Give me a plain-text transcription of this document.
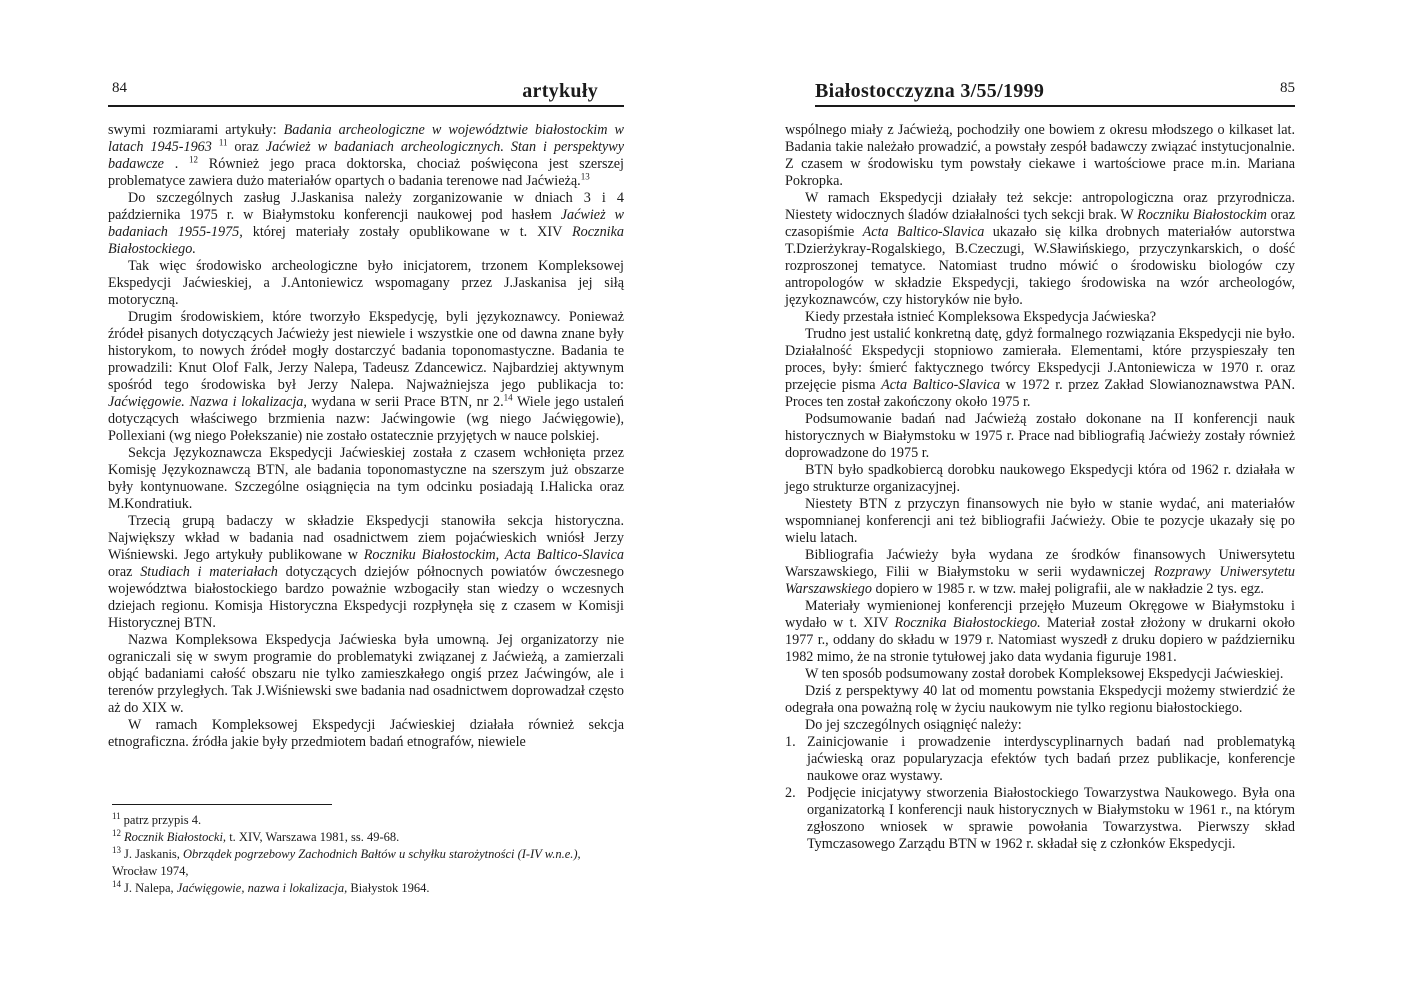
84	artykuły

swymi rozmiarami artykuły: Badania archeologiczne w województwie białostockim w latach 1945-1963 $^{11}$ oraz Jaćwież w badaniach archeologicznych. Stan i perspektywy badawcze . $^{12}$ Również jego praca doktorska, chociaż poświęcona jest szerszej problematyce zawiera dużo materiałów opartych o badania terenowe nad Jaćwieżą.$^{13}$

Do szczególnych zasług J.Jaskanisa należy zorganizowanie w dniach 3 i 4 października 1975 r. w Białymstoku konferencji naukowej pod hasłem Jaćwież w badaniach 1955-1975, której materiały zostały opublikowane w t. XIV Rocznika Białostockiego.

Tak więc środowisko archeologiczne było inicjatorem, trzonem Kompleksowej Ekspedycji Jaćwieskiej, a J.Antoniewicz wspomagany przez J.Jaskanisa jej siłą motoryczną.

Drugim środowiskiem, które tworzyło Ekspedycję, byli językoznawcy. Ponieważ źródeł pisanych dotyczących Jaćwieży jest niewiele i wszystkie one od dawna znane były historykom, to nowych źródeł mogły dostarczyć badania toponomastyczne. Badania te prowadzili: Knut Olof Falk, Jerzy Nalepa, Tadeusz Zdancewicz. Najbardziej aktywnym spośród tego środowiska był Jerzy Nalepa. Najważniejsza jego publikacja to: Jaćwięgowie. Nazwa i lokalizacja, wydana w serii Prace BTN, nr 2.14 Wiele jego ustaleń dotyczących właściwego brzmienia nazw: Jaćwingowie (wg niego Jaćwięgowie), Pollexiani (wg niego Połekszanie) nie zostało ostatecznie przyjętych w nauce polskiej.

Sekcja Językoznawcza Ekspedycji Jaćwieskiej została z czasem wchłonięta przez Komisję Językoznawczą BTN, ale badania toponomastyczne na szerszym już obszarze były kontynuowane. Szczególne osiągnięcia na tym odcinku posiadają I.Halicka oraz M.Kondratiuk.

Trzecią grupą badaczy w składzie Ekspedycji stanowiła sekcja historyczna. Największy wkład w badania nad osadnictwem ziem pojaćwieskich wniósł Jerzy Wiśniewski. Jego artykuły publikowane w Roczniku Białostockim, Acta Baltico-Slavica oraz Studiach i materiałach dotyczących dziejów północnych powiatów ówczesnego województwa białostockiego bardzo poważnie wzbogaciły stan wiedzy o wczesnych dziejach regionu. Komisja Historyczna Ekspedycji rozpłynęła się z czasem w Komisji Historycznej BTN.

Nazwa Kompleksowa Ekspedycja Jaćwieska była umowną. Jej organizatorzy nie ograniczali się w swym programie do problematyki związanej z Jaćwieżą, a zamierzali objąć badaniami całość obszaru nie tylko zamieszkałego ongiś przez Jaćwingów, ale i terenów przyległych. Tak J.Wiśniewski swe badania nad osadnictwem doprowadzał często aż do XIX w.

W ramach Kompleksowej Ekspedycji Jaćwieskiej działała również sekcja etnograficzna. źródła jakie były przedmiotem badań etnografów, niewiele

$^{11}$ patrz przypis 4.
$^{12}$ Rocznik Białostocki, t. XIV, Warszawa 1981, ss. 49-68.
$^{13}$ J. Jaskanis, Obrządek pogrzebowy Zachodnich Bałtów u schyłku starożytności (I-IV w.n.e.), Wrocław 1974,
$^{14}$ J. Nalepa, Jaćwięgowie, nazwa i lokalizacja, Białystok 1964.
85
Białostocczyzna 3/55/1999

wspólnego miały z Jaćwieżą, pochodziły one bowiem z okresu młodszego o kilkaset lat. Badania takie należało prowadzić, a powstały zespół badawczy związać instytucjonalnie. Z czasem w środowisku tym powstały ciekawe i wartościowe prace m.in. Mariana Pokropka.

W ramach Ekspedycji działały też sekcje: antropologiczna oraz przyrodnicza. Niestety widocznych śladów działalności tych sekcji brak. W Roczniku Białostockim oraz czasopiśmie Acta Baltico-Slavica ukazało się kilka drobnych materiałów autorstwa T.Dzierżykray-Rogalskiego, B.Czeczugi, W.Sławińskiego, przyczynkarskich, o dość rozproszonej tematyce. Natomiast trudno mówić o środowisku biologów czy antropologów w składzie Ekspedycji, takiego środowiska na wzór archeologów, językoznawców, czy historyków nie było.

Kiedy przestała istnieć Kompleksowa Ekspedycja Jaćwieska?

Trudno jest ustalić konkretną datę, gdyż formalnego rozwiązania Ekspedycji nie było. Działalność Ekspedycji stopniowo zamierała. Elementami, które przyspieszały ten proces, były: śmierć faktycznego twórcy Ekspedycji J.Antoniewicza w 1970 r. oraz przejęcie pisma Acta Baltico-Slavica w 1972 r. przez Zakład Slowianoznawstwa PAN. Proces ten został zakończony około 1975 r.

Podsumowanie badań nad Jaćwieżą zostało dokonane na II konferencji nauk historycznych w Białymstoku w 1975 r. Prace nad bibliografią Jaćwieży zostały również doprowadzone do 1975 r.

BTN było spadkobiercą dorobku naukowego Ekspedycji która od 1962 r. działała w jego strukturze organizacyjnej.

Niestety BTN z przyczyn finansowych nie było w stanie wydać, ani materiałów wspomnianej konferencji ani też bibliografii Jaćwieży. Obie te pozycje ukazały się po wielu latach.

Bibliografia Jaćwieży była wydana ze środków finansowych Uniwersytetu Warszawskiego, Filii w Białymstoku w serii wydawniczej Rozprawy Uniwersytetu Warszawskiego dopiero w 1985 r. w tzw. małej poligrafii, ale w nakładzie 2 tys. egz.

Materiały wymienionej konferencji przejęło Muzeum Okręgowe w Białymstoku i wydało w t. XIV Rocznika Białostockiego. Materiał został złożony w drukarni około 1977 r., oddany do składu w 1979 r. Natomiast wyszedł z druku dopiero w październiku 1982 mimo, że na stronie tytułowej jako data wydania figuruje 1981.

W ten sposób podsumowany został dorobek Kompleksowej Ekspedycji Jaćwieskiej.

Dziś z perspektywy 40 lat od momentu powstania Ekspedycji możemy stwierdzić że odegrała ona poważną rolę w życiu naukowym nie tylko regionu białostockiego.

Do jej szczególnych osiągnięć należy:

1. Zainicjowanie i prowadzenie interdyscyplinarnych badań nad problematyką jaćwieską oraz popularyzacja efektów tych badań przez publikacje, konferencje naukowe oraz wystawy.
2. Podjęcie inicjatywy stworzenia Białostockiego Towarzystwa Naukowego. Była ona organizatorką I konferencji nauk historycznych w Białymstoku w 1961 r., na którym zgłoszono wniosek w sprawie powołania Towarzystwa. Pierwszy skład Tymczasowego Zarządu BTN w 1962 r. składał się z członków Ekspedycji.
